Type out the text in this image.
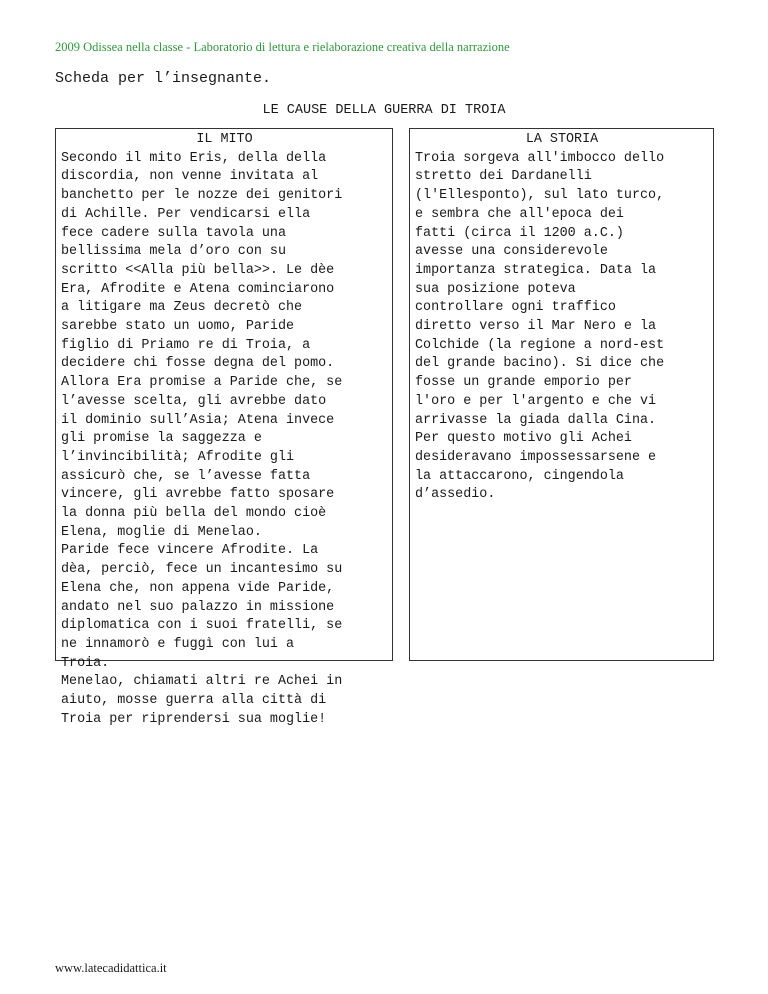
2009 Odissea nella classe - Laboratorio di lettura e rielaborazione creativa della narrazione
Scheda per l’insegnante.
LE CAUSE DELLA GUERRA DI TROIA
IL MITO
Secondo il mito Eris, della della
discordia, non venne invitata al
banchetto per le nozze dei genitori
di Achille. Per vendicarsi ella
fece cadere sulla tavola una
bellissima mela d’oro con su
scritto <<Alla più bella>>. Le dèe
Era, Afrodite e Atena cominciarono
a litigare ma Zeus decretò che
sarebbe stato un uomo, Paride
figlio di Priamo re di Troia, a
decidere chi fosse degna del pomo.
Allora Era promise a Paride che, se
l’avesse scelta, gli avrebbe dato
il dominio sull’Asia; Atena invece
gli promise la saggezza e
l’invincibilità; Afrodite gli
assicurò che, se l’avesse fatta
vincere, gli avrebbe fatto sposare
la donna più bella del mondo cioè
Elena, moglie di Menelao.
Paride fece vincere Afrodite. La
dèa, perciò, fece un incantesimo su
Elena che, non appena vide Paride,
andato nel suo palazzo in missione
diplomatica con i suoi fratelli, se
ne innamorò e fuggì con lui a
Troia.
Menelao, chiamati altri re Achei in
aiuto, mosse guerra alla città di
Troia per riprendersi sua moglie!
LA STORIA
Troia sorgeva all'imbocco dello
stretto dei Dardanelli
(l'Ellesponto), sul lato turco,
e sembra che all'epoca dei
fatti (circa il 1200 a.C.)
avesse una considerevole
importanza strategica. Data la
sua posizione poteva
controllare ogni traffico
diretto verso il Mar Nero e la
Colchide (la regione a nord-est
del grande bacino). Si dice che
fosse un grande emporio per
l'oro e per l'argento e che vi
arrivasse la giada dalla Cina.
Per questo motivo gli Achei
desideravano impossessarsene e
la attaccarono, cingendola
d’assedio.
www.latecadidattica.it
